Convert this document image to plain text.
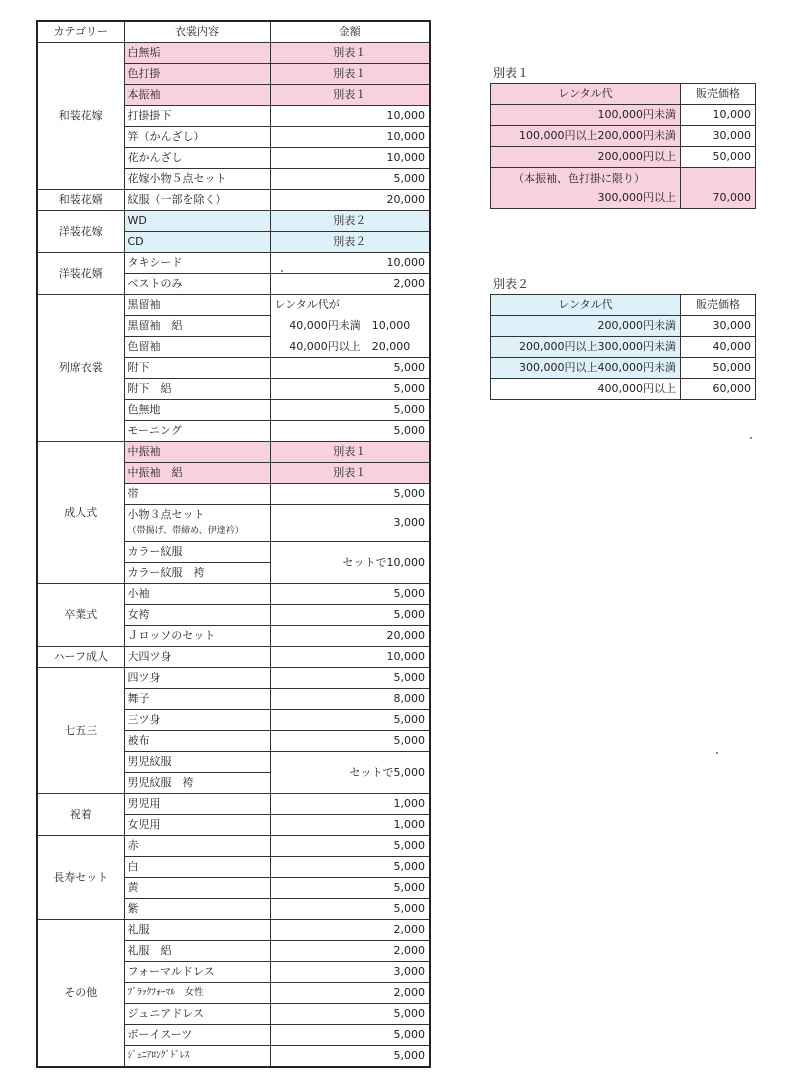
カテゴリー	衣裳内容	金額
和装花嫁	白無垢	別表１
	色打掛	別表１
	本振袖	別表１
	打掛掛下	10,000
	笄（かんざし）	10,000
	花かんざし	10,000
	花嫁小物５点セット	5,000
和装花婿	紋服（一部を除く）	20,000
洋装花嫁	WD	別表２
	CD	別表２
洋装花婿	タキシード	10,000
	ベストのみ	2,000
列席衣裳	黒留袖	レンタル代が
	黒留袖　絽	40,000円未満　10,000
	色留袖	40,000円以上　20,000
	附下	5,000
	附下　絽	5,000
	色無地	5,000
	モーニング	5,000
成人式	中振袖	別表１
	中振袖　絽	別表１
	帯	5,000

	小物３点セット
（帯揚げ、帯締め、伊達衿）	3,000
	カラー紋服	セットで10,000
	カラー紋服　袴	
卒業式	小袖	5,000
	女袴	5,000
	Ｊロッソのセット	20,000
ハーフ成人	大四ツ身	10,000
七五三	四ツ身	5,000
	舞子	8,000
	三ツ身	5,000
	被布	5,000
	男児紋服	セットで5,000
	男児紋服　袴	
祝着	男児用	1,000
	女児用	1,000
長寿セット	赤	5,000
	白	5,000
	黄	5,000
	紫	5,000
その他	礼服	2,000
	礼服　絽	2,000
	フォーマルドレス	3,000
	ﾌﾞﾗｯｸﾌｫｰﾏﾙ　女性	2,000
	ジュニアドレス	5,000
	ボーイスーツ	5,000
	ｼﾞｭﾆｱﾛﾝｸﾞﾄﾞﾚｽ	5,000
別表１
レンタル代	販売価格
100,000円未満	10,000
100,000円以上200,000円未満	30,000
200,000円以上	50,000

（本振袖、色打掛に限り）
300,000円以上	70,000
別表２
レンタル代	販売価格
200,000円未満	30,000
200,000円以上300,000円未満	40,000
300,000円以上400,000円未満	50,000
400,000円以上	60,000
